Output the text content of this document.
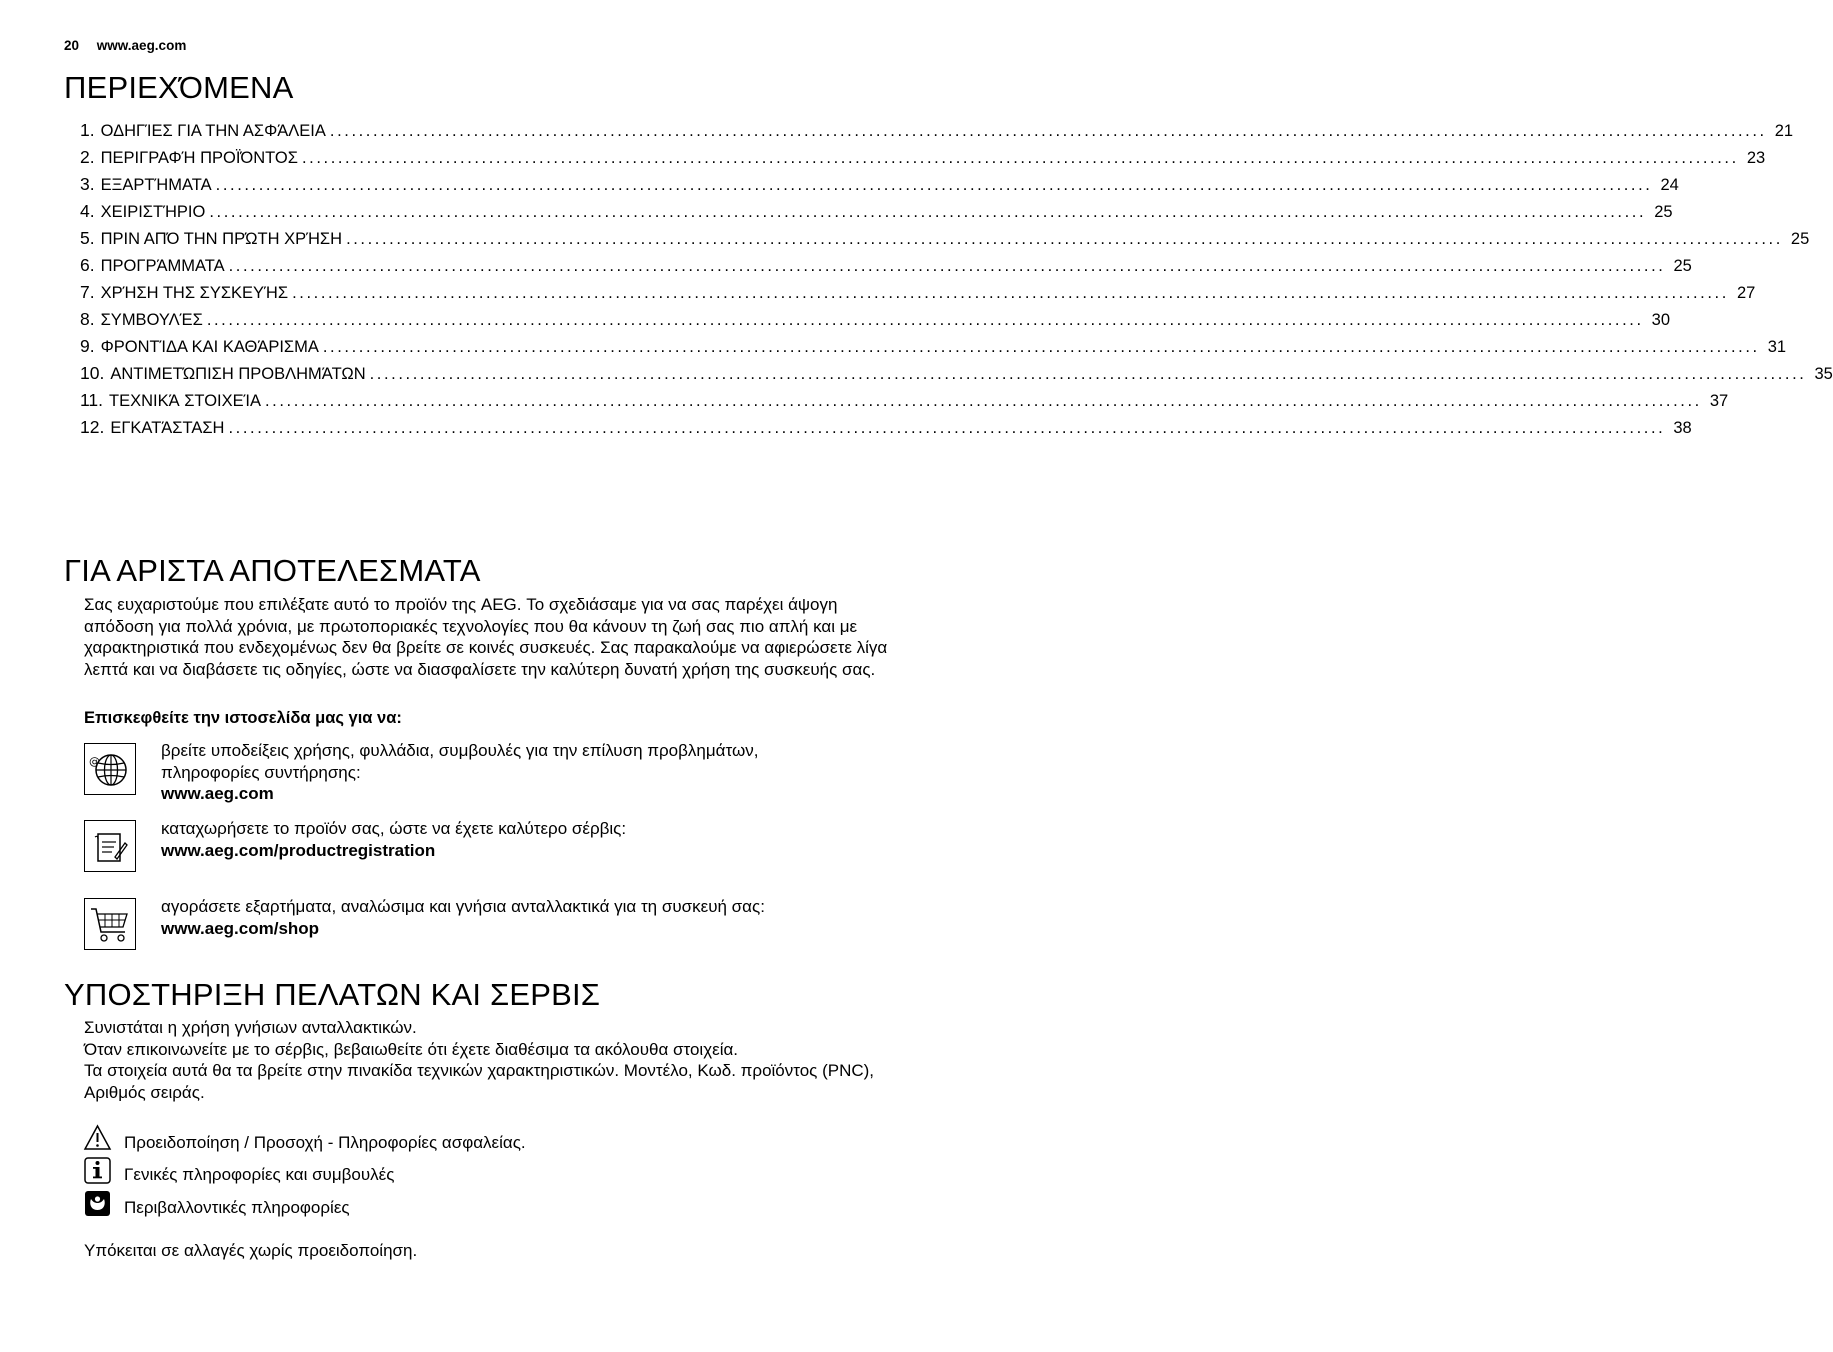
20 www.aeg.com
ΠΕΡΙΕΧΌΜΕΝΑ
1. ΟΔΗΓΊΕΣ ΓΙΑ ΤΗΝ ΑΣΦΆΛΕΙΑ ........................................................................................................................................................................................................ 21
2. ΠΕΡΙΓΡΑΦΉ ΠΡΟΪΌΝΤΟΣ ........................................................................................................................................................................................................ 23
3. ΕΞΑΡΤΉΜΑΤΑ ........................................................................................................................................................................................................ 24
4. ΧΕΙΡΙΣΤΉΡΙΟ ........................................................................................................................................................................................................ 25
5. ΠΡΙΝ ΑΠΌ ΤΗΝ ΠΡΏΤΗ ΧΡΉΣΗ ........................................................................................................................................................................................................ 25
6. ΠΡΟΓΡΆΜΜΑΤΑ ........................................................................................................................................................................................................ 25
7. ΧΡΉΣΗ ΤΗΣ ΣΥΣΚΕΥΉΣ ........................................................................................................................................................................................................ 27
8. ΣΥΜΒΟΥΛΈΣ ........................................................................................................................................................................................................ 30
9. ΦΡΟΝΤΊΔΑ ΚΑΙ ΚΑΘΆΡΙΣΜΑ ........................................................................................................................................................................................................ 31
10. ΑΝΤΙΜΕΤΏΠΙΣΗ ΠΡΟΒΛΗΜΆΤΩΝ ........................................................................................................................................................................................................ 35
11. ΤΕΧΝΙΚΆ ΣΤΟΙΧΕΊΑ ........................................................................................................................................................................................................ 37
12. ΕΓΚΑΤΆΣΤΑΣΗ ........................................................................................................................................................................................................ 38
ΓΙΑ ΑΡΙΣΤΑ ΑΠΟΤΕΛΕΣΜΑΤΑ
Σας ευχαριστούμε που επιλέξατε αυτό το προϊόν της AEG. Το σχεδιάσαμε για να σας παρέχει άψογη απόδοση για πολλά χρόνια, με πρωτοποριακές τεχνολογίες που θα κάνουν τη ζωή σας πιο απλή και με χαρακτηριστικά που ενδεχομένως δεν θα βρείτε σε κοινές συσκευές. Σας παρακαλούμε να αφιερώσετε λίγα λεπτά και να διαβάσετε τις οδηγίες, ώστε να διασφαλίσετε την καλύτερη δυνατή χρήση της συσκευής σας.
Επισκεφθείτε την ιστοσελίδα μας για να:
@
βρείτε υποδείξεις χρήσης, φυλλάδια, συμβουλές για την επίλυση προβλημάτων, πληροφορίες συντήρησης:
www.aeg.com
καταχωρήσετε το προϊόν σας, ώστε να έχετε καλύτερο σέρβις:
www.aeg.com/productregistration
αγοράσετε εξαρτήματα, αναλώσιμα και γνήσια ανταλλακτικά για τη συσκευή σας:
www.aeg.com/shop
ΥΠΟΣΤΗΡΙΞΗ ΠΕΛΑΤΩΝ ΚΑΙ ΣΕΡΒΙΣ
Συνιστάται η χρήση γνήσιων ανταλλακτικών.
Όταν επικοινωνείτε με το σέρβις, βεβαιωθείτε ότι έχετε διαθέσιμα τα ακόλουθα στοιχεία.
Τα στοιχεία αυτά θα τα βρείτε στην πινακίδα τεχνικών χαρακτηριστικών. Μοντέλο, Κωδ. προϊόντος (PNC), Αριθμός σειράς.
Προειδοποίηση / Προσοχή - Πληροφορίες ασφαλείας.
Γενικές πληροφορίες και συμβουλές
Περιβαλλοντικές πληροφορίες
Υπόκειται σε αλλαγές χωρίς προειδοποίηση.
